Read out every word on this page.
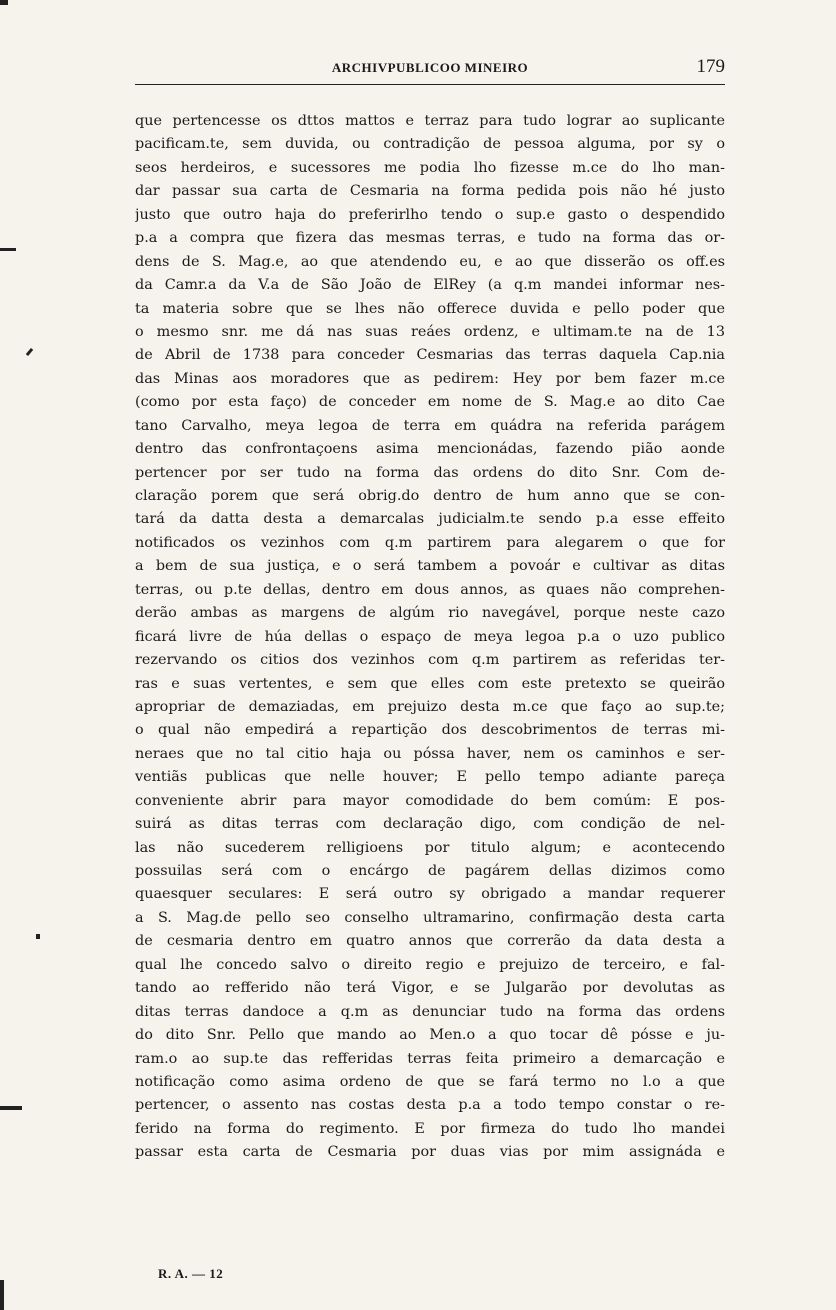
ARCHIVPUBLICOO MINEIRO	179
que pertencesse os dttos mattos e terraz para tudo lograr ao suplicante
pacificam.te, sem duvida, ou contradição de pessoa alguma, por sy o
seos herdeiros, e sucessores me podia lho fizesse m.ce do lho man-
dar passar sua carta de Cesmaria na forma pedida pois não hé justo
justo que outro haja do preferirlho tendo o sup.e gasto o despendido
p.a a compra que fizera das mesmas terras, e tudo na forma das or-
dens de S. Mag.e, ao que atendendo eu, e ao que disserão os off.es
da Camr.a da V.a de São João de ElRey (a q.m mandei informar nes-
ta materia sobre que se lhes não offerece duvida e pello poder que
o mesmo snr. me dá nas suas reáes ordenz, e ultimam.te na de 13
de Abril de 1738 para conceder Cesmarias das terras daquela Cap.nia
das Minas aos moradores que as pedirem: Hey por bem fazer m.ce
(como por esta faço) de conceder em nome de S. Mag.e ao dito Cae
tano Carvalho, meya legoa de terra em quádra na referida parágem
dentro das confrontaçoens asima mencionádas, fazendo pião aonde
pertencer por ser tudo na forma das ordens do dito Snr. Com de-
claração porem que será obrig.do dentro de hum anno que se con-
tará da datta desta a demarcalas judicialm.te sendo p.a esse effeito
notificados os vezinhos com q.m partirem para alegarem o que for
a bem de sua justiça, e o será tambem a povoár e cultivar as ditas
terras, ou p.te dellas, dentro em dous annos, as quaes não comprehen-
derão ambas as margens de algúm rio navegável, porque neste cazo
ficará livre de húa dellas o espaço de meya legoa p.a o uzo publico
rezervando os citios dos vezinhos com q.m partirem as referidas ter-
ras e suas vertentes, e sem que elles com este pretexto se queirão
apropriar de demaziadas, em prejuizo desta m.ce que faço ao sup.te;
o qual não empedirá a repartição dos descobrimentos de terras mi-
neraes que no tal citio haja ou póssa haver, nem os caminhos e ser-
ventiãs publicas que nelle houver; E pello tempo adiante pareça
conveniente abrir para mayor comodidade do bem comúm: E pos-
suirá as ditas terras com declaração digo, com condição de nel-
las não sucederem relligioens por titulo algum; e acontecendo
possuilas será com o encárgo de pagárem dellas dizimos como
quaesquer seculares: E será outro sy obrigado a mandar requerer
a S. Mag.de pello seo conselho ultramarino, confirmação desta carta
de cesmaria dentro em quatro annos que correrão da data desta a
qual lhe concedo salvo o direito regio e prejuizo de terceiro, e fal-
tando ao refferido não terá Vigor, e se Julgarão por devolutas as
ditas terras dandoce a q.m as denunciar tudo na forma das ordens
do dito Snr. Pello que mando ao Men.o a quo tocar dê pósse e ju-
ram.o ao sup.te das refferidas terras feita primeiro a demarcação e
notificação como asima ordeno de que se fará termo no l.o a que
pertencer, o assento nas costas desta p.a a todo tempo constar o re-
ferido na forma do regimento. E por firmeza do tudo lho mandei
passar esta carta de Cesmaria por duas vias por mim assignáda e
R. A. — 12
